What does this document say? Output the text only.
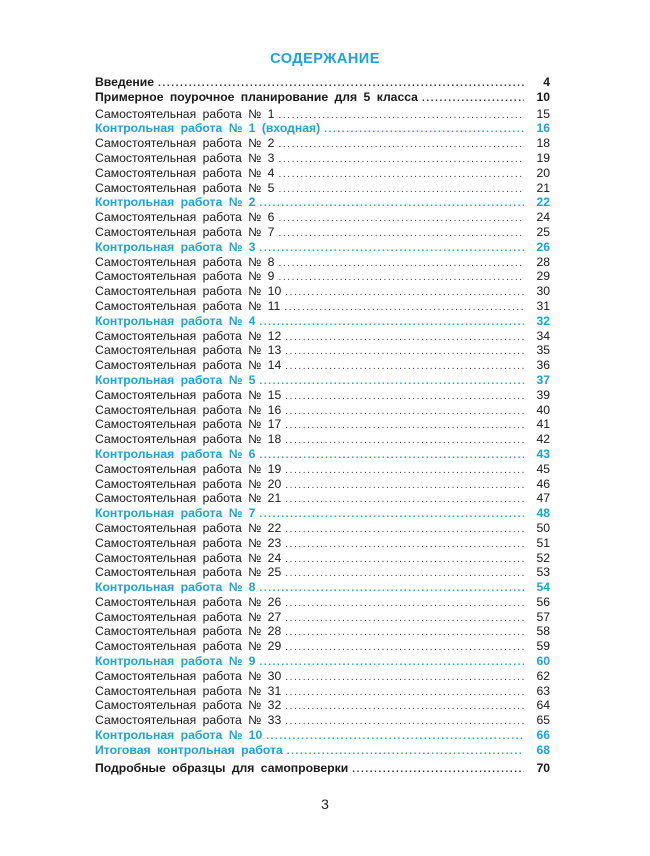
СОДЕРЖАНИЕ
Введение .....	4
Примерное поурочное планирование для 5 класса .....	10
Самостоятельная работа № 1 .....	15
Контрольная работа № 1 (входная) .....	16
Самостоятельная работа № 2 .....	18
Самостоятельная работа № 3 .....	19
Самостоятельная работа № 4 .....	20
Самостоятельная работа № 5 .....	21
Контрольная работа № 2 .....	22
Самостоятельная работа № 6 .....	24
Самостоятельная работа № 7 .....	25
Контрольная работа № 3 .....	26
Самостоятельная работа № 8 .....	28
Самостоятельная работа № 9 .....	29
Самостоятельная работа № 10 .....	30
Самостоятельная работа № 11 .....	31
Контрольная работа № 4 .....	32
Самостоятельная работа № 12 .....	34
Самостоятельная работа № 13 .....	35
Самостоятельная работа № 14 .....	36
Контрольная работа № 5 .....	37
Самостоятельная работа № 15 .....	39
Самостоятельная работа № 16 .....	40
Самостоятельная работа № 17 .....	41
Самостоятельная работа № 18 .....	42
Контрольная работа № 6 .....	43
Самостоятельная работа № 19 .....	45
Самостоятельная работа № 20 .....	46
Самостоятельная работа № 21 .....	47
Контрольная работа № 7 .....	48
Самостоятельная работа № 22 .....	50
Самостоятельная работа № 23 .....	51
Самостоятельная работа № 24 .....	52
Самостоятельная работа № 25 .....	53
Контрольная работа № 8 .....	54
Самостоятельная работа № 26 .....	56
Самостоятельная работа № 27 .....	57
Самостоятельная работа № 28 .....	58
Самостоятельная работа № 29 .....	59
Контрольная работа № 9 .....	60
Самостоятельная работа № 30 .....	62
Самостоятельная работа № 31 .....	63
Самостоятельная работа № 32 .....	64
Самостоятельная работа № 33 .....	65
Контрольная работа № 10 .....	66
Итоговая контрольная работа .....	68
Подробные образцы для самопроверки .....	70
3
